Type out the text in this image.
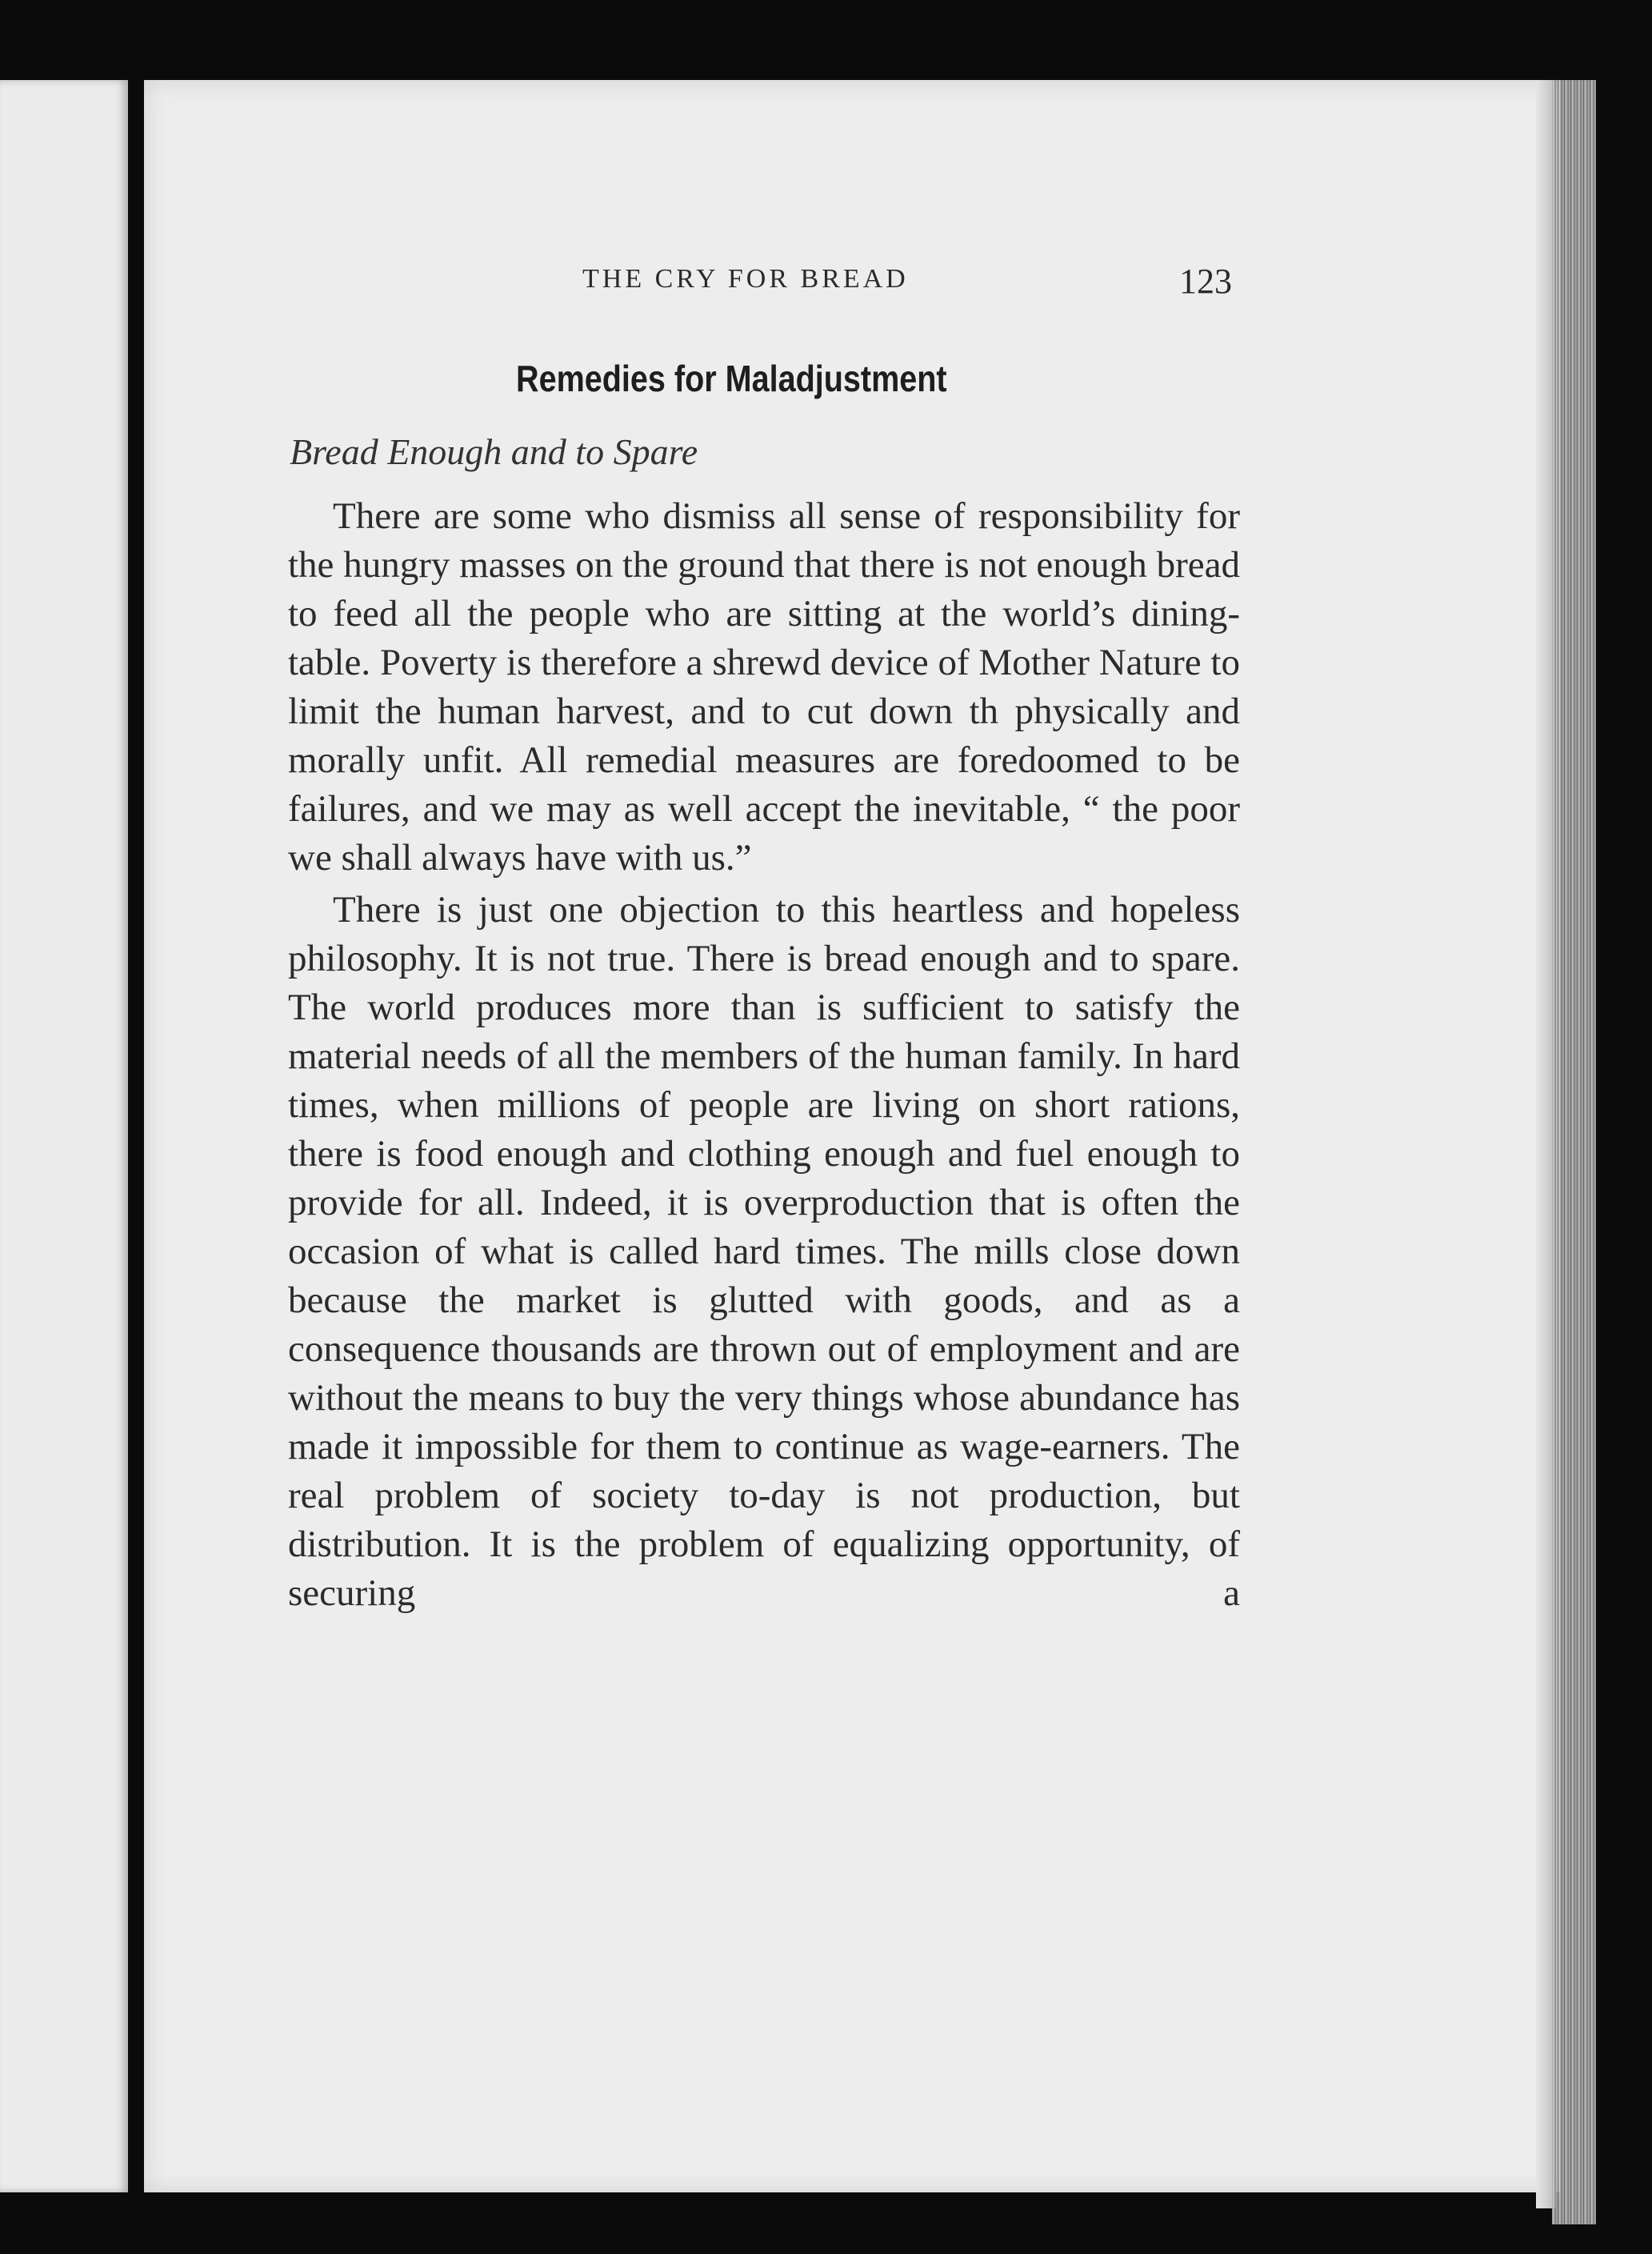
THE CRY FOR BREAD	123
Remedies for Maladjustment
Bread Enough and to Spare

There are some who dismiss all sense of responsibility for the hungry masses on the ground that there is not enough bread to feed all the people who are sitting at the world’s dining-table. Poverty is therefore a shrewd device of Mother Nature to limit the human harvest, and to cut down th physically and morally unfit. All remedial measures are foredoomed to be failures, and we may as well accept the inevitable, “ the poor we shall always have with us.”

There is just one objection to this heartless and hopeless philosophy. It is not true. There is bread enough and to spare. The world produces more than is sufficient to satisfy the material needs of all the members of the human family. In hard times, when millions of people are living on short rations, there is food enough and clothing enough and fuel enough to provide for all. Indeed, it is overproduction that is often the occasion of what is called hard times. The mills close down because the market is glutted with goods, and as a consequence thousands are thrown out of employment and are without the means to buy the very things whose abundance has made it impossible for them to continue as wage-earners. The real problem of society to-day is not production, but distribution. It is the problem of equalizing opportunity, of securing a
